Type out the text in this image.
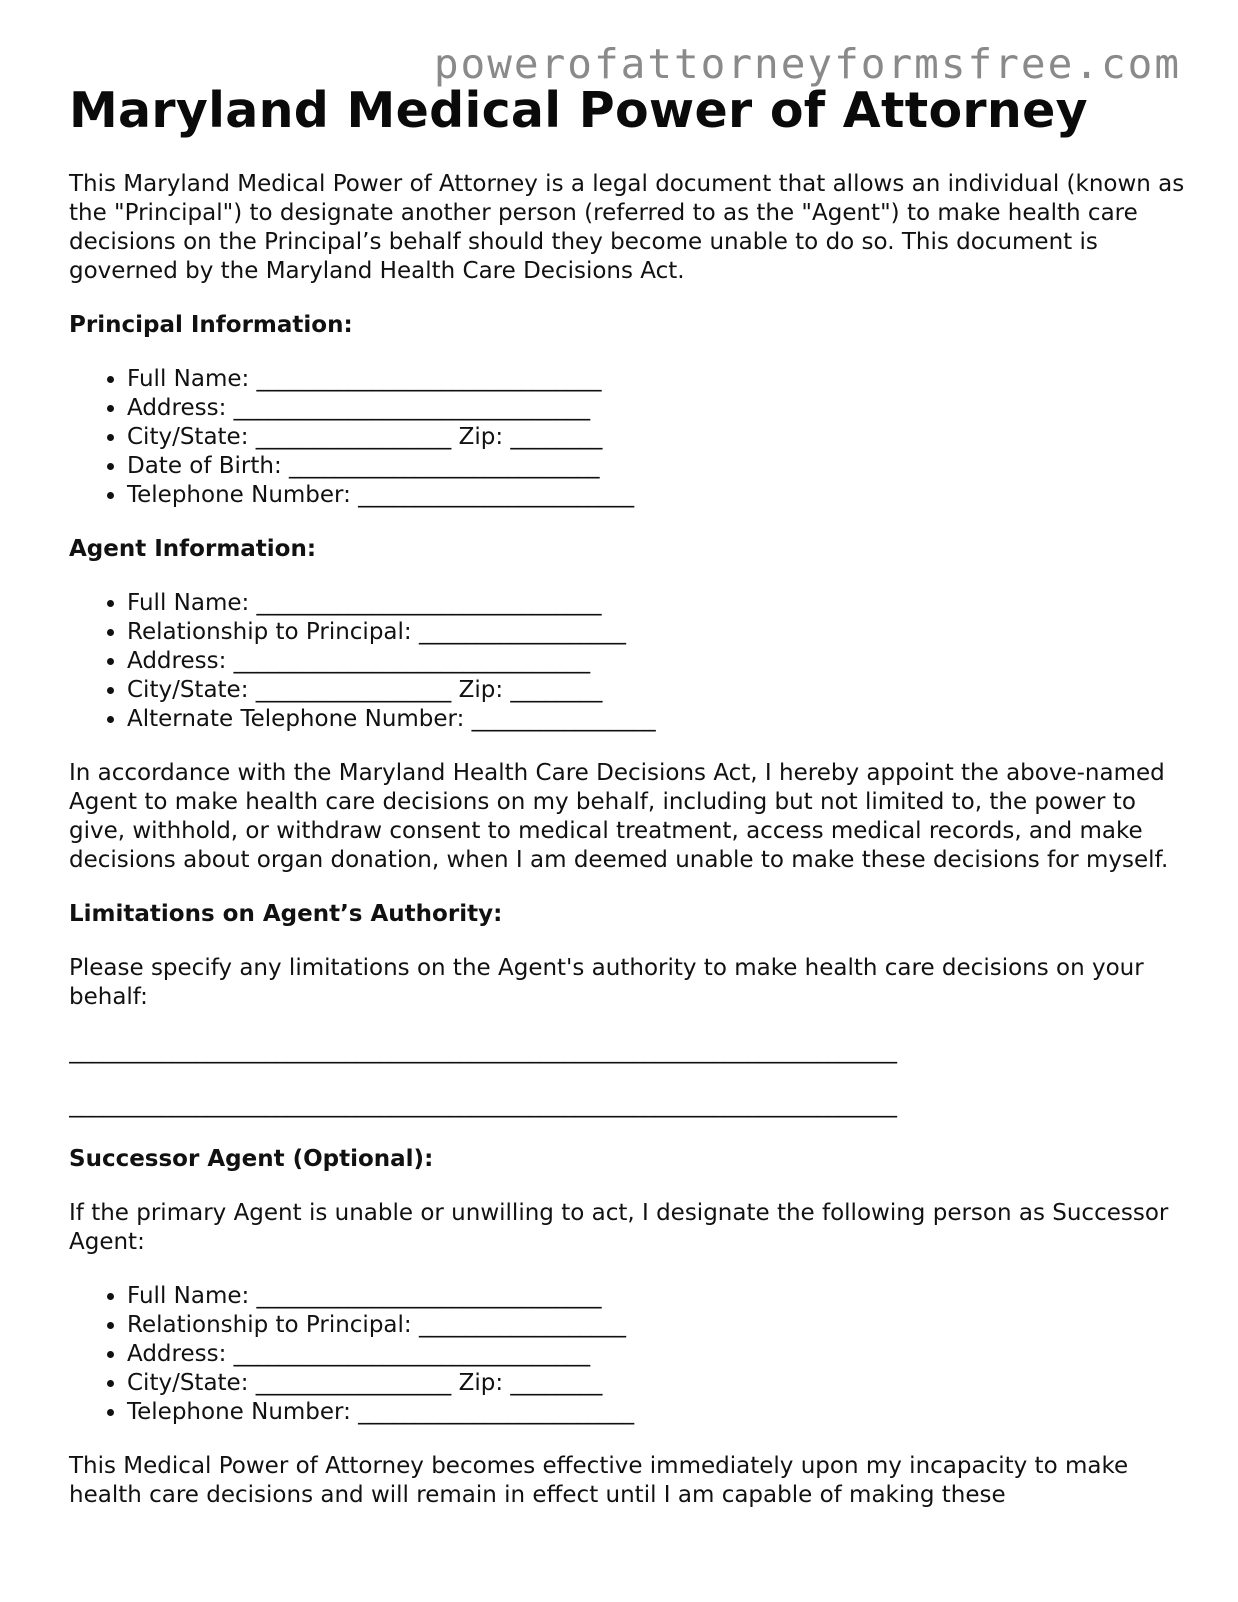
powerofattorneyformsfree.com
Maryland Medical Power of Attorney

This Maryland Medical Power of Attorney is a legal document that allows an individual (known as the "Principal") to designate another person (referred to as the "Agent") to make health care decisions on the Principal’s behalf should they become unable to do so. This document is governed by the Maryland Health Care Decisions Act.

Principal Information:
• Full Name: ______________________________
• Address: _______________________________
• City/State: _________________ Zip: ________
• Date of Birth: ___________________________
• Telephone Number: ________________________
Agent Information:
• Full Name: ______________________________
• Relationship to Principal: __________________
• Address: _______________________________
• City/State: _________________ Zip: ________
• Alternate Telephone Number: ________________

In accordance with the Maryland Health Care Decisions Act, I hereby appoint the above-named Agent to make health care decisions on my behalf, including but not limited to, the power to give, withhold, or withdraw consent to medical treatment, access medical records, and make decisions about organ donation, when I am deemed unable to make these decisions for myself.

Limitations on Agent’s Authority:

Please specify any limitations on the Agent's authority to make health care decisions on your behalf:

________________________________________________________________________
________________________________________________________________________
Successor Agent (Optional):

If the primary Agent is unable or unwilling to act, I designate the following person as Successor Agent:

• Full Name: ______________________________
• Relationship to Principal: __________________
• Address: _______________________________
• City/State: _________________ Zip: ________
• Telephone Number: ________________________

This Medical Power of Attorney becomes effective immediately upon my incapacity to make health care decisions and will remain in effect until I am capable of making these
